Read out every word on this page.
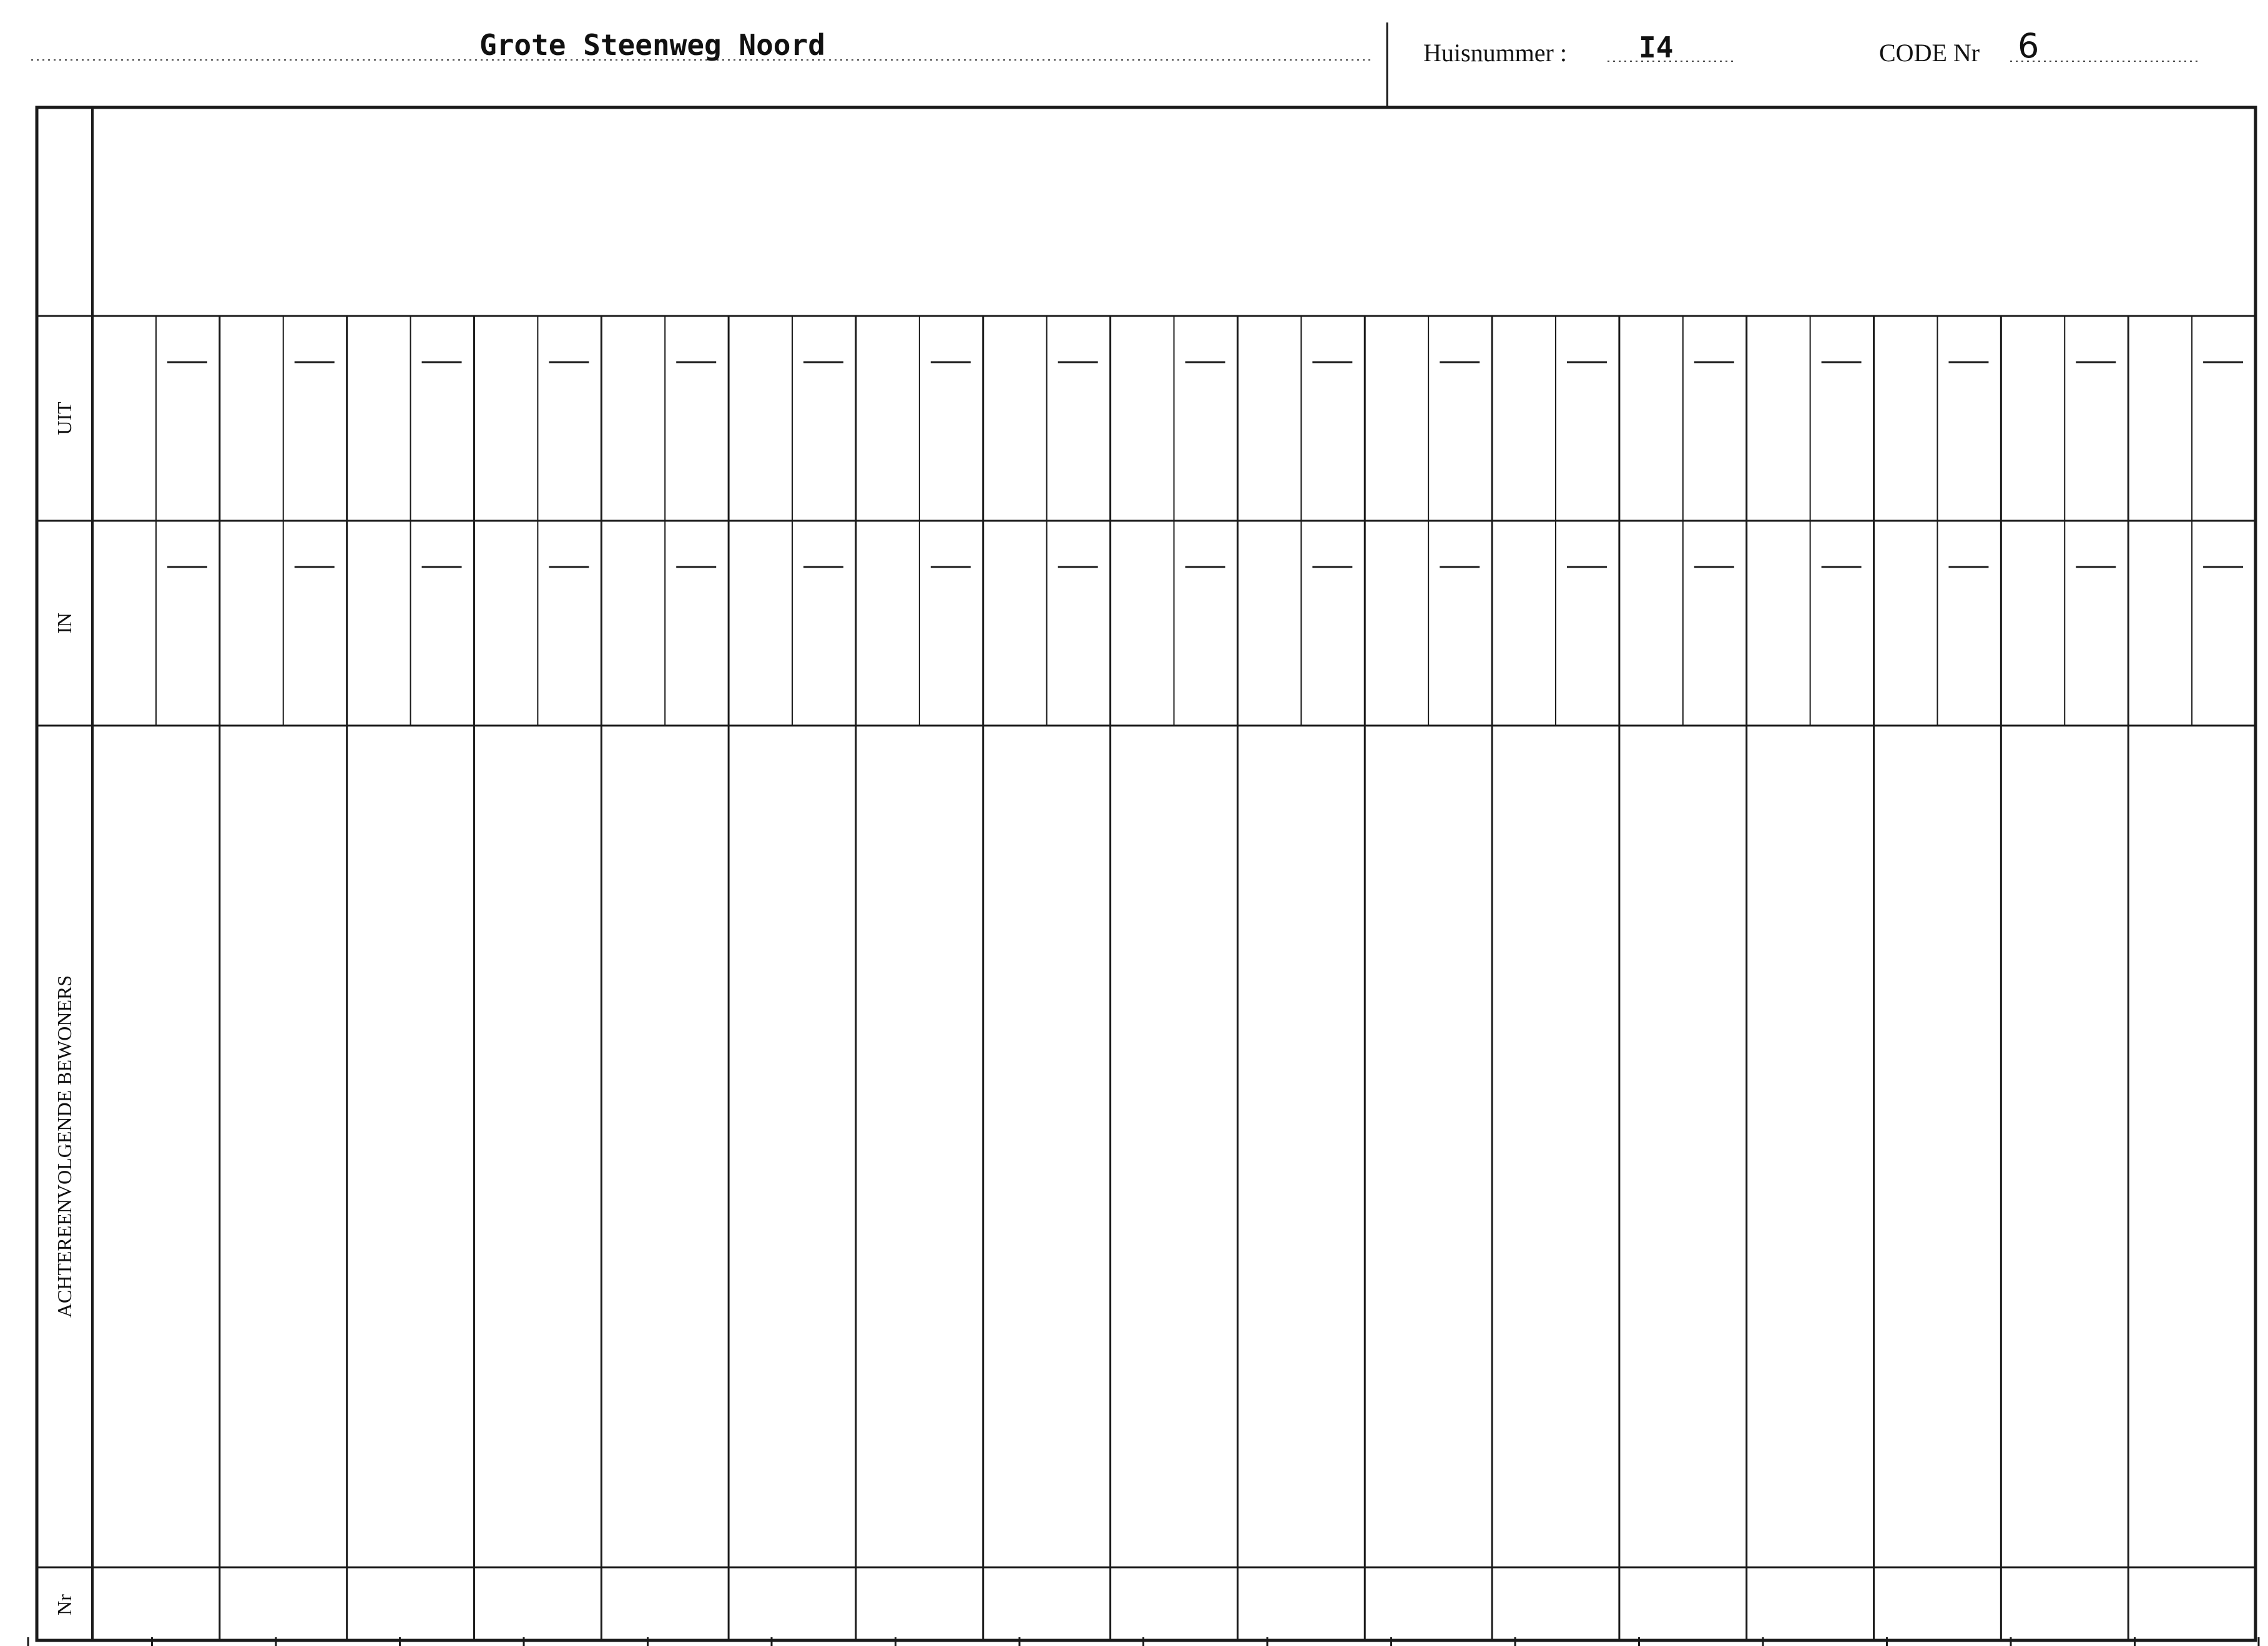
Grote Steenweg Noord	Huisnummer :	I4	CODE Nr 6
UIT
IN
ACHTEREENVOLGENDE BEWONERS
Nr
